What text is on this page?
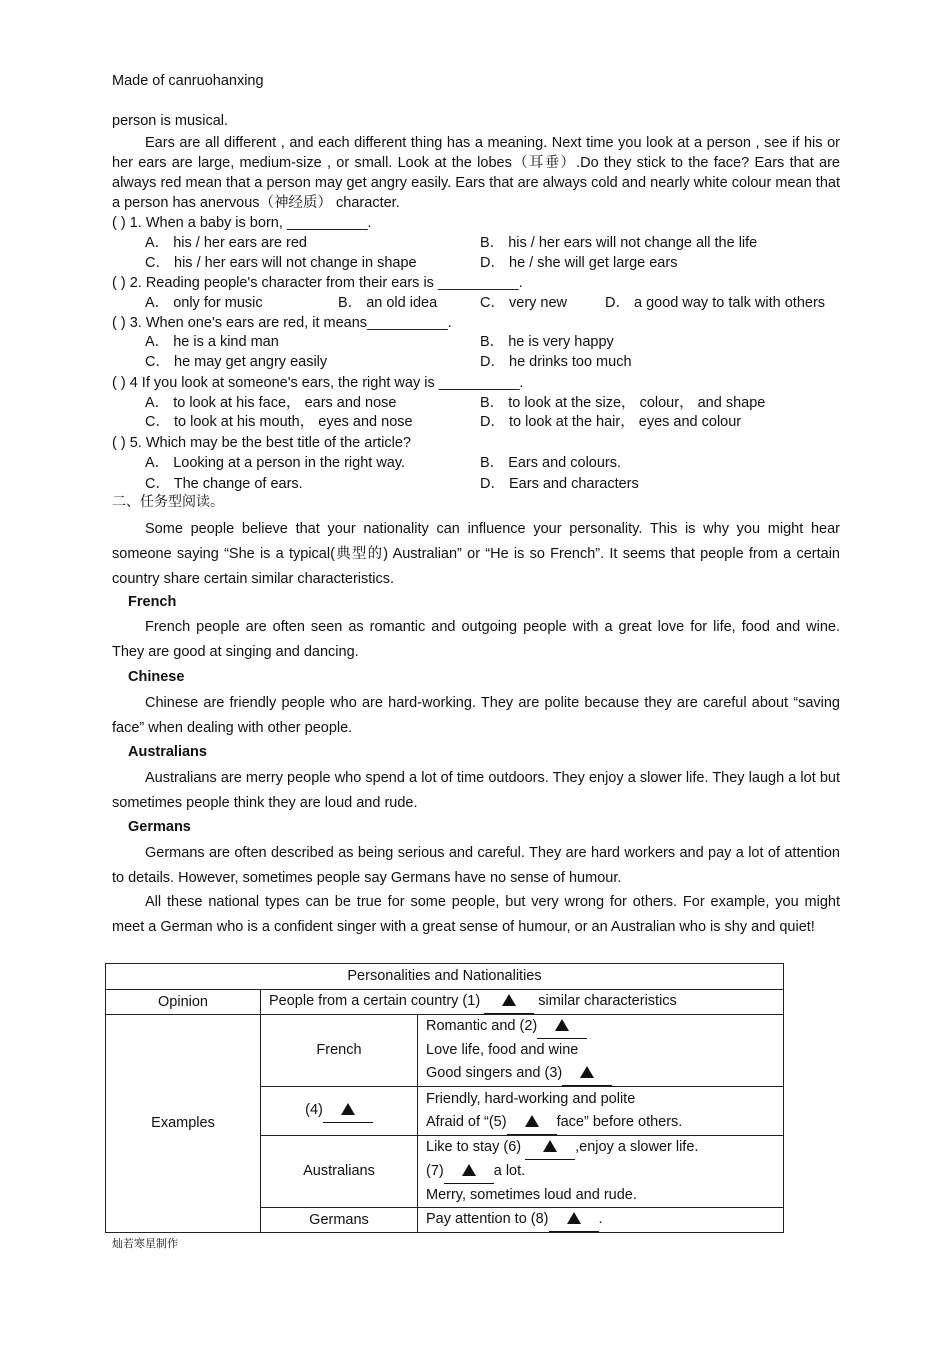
Made of canruohanxing
person is musical.
Ears are all different , and each different thing has a meaning. Next time you look at a person , see if his or her ears are large, medium-size , or small. Look at the lobes（耳垂）.Do they stick to the face? Ears that are always red mean that a person may get angry easily. Ears that are always cold and nearly white colour mean that a person has anervous（神经质） character.
( ) 1. When a baby is born, __________.
A． his / her ears are red	B． his / her ears will not change all the life
C． his / her ears will not change in shape	D． he / she will get large ears
( ) 2. Reading people's character from their ears is __________.
A． only for music	B． an old idea	C． very new	D． a good way to talk with others
( ) 3. When one's ears are red, it means__________.
A． he is a kind man	B． he is very happy
C． he may get angry easily	D． he drinks too much
( ) 4 If you look at someone's ears, the right way is __________.
A． to look at his face， ears and nose	B． to look at the size， colour， and shape
C． to look at his mouth， eyes and nose	D． to look at the hair， eyes and colour
( ) 5. Which may be the best title of the article?
A． Looking at a person in the right way.	B． Ears and colours.
C． The change of ears.	D． Ears and characters
二、任务型阅读。
Some people believe that your nationality can influence your personality. This is why you might hear someone saying “She is a typical(典型的) Australian” or “He is so French”. It seems that people from a certain country share certain similar characteristics.
French
French people are often seen as romantic and outgoing people with a great love for life, food and wine. They are good at singing and dancing.
Chinese
Chinese are friendly people who are hard-working. They are polite because they are careful about “saving face” when dealing with other people.
Australians
Australians are merry people who spend a lot of time outdoors. They enjoy a slower life. They laugh a lot but sometimes people think they are loud and rude.
Germans
Germans are often described as being serious and careful. They are hard workers and pay a lot of attention to details. However, sometimes people say Germans have no sense of humour.
All these national types can be true for some people, but very wrong for others. For example, you might meet a German who is a confident singer with a great sense of humour, or an Australian who is shy and quiet!
Personalities and Nationalities		
Opinion	People from a certain country (1) similar characteristics	
Examples	French	Romantic and (2)
Love life, food and wine
Good singers and (3)

	(4)	Friendly, hard-working and polite
Afraid of “(5) face” before others.

	Australians	Like to stay (6) ,enjoy a slower life.
(7) a lot.
Merry, sometimes loud and rude.

	Germans	Pay attention to (8) .
灿若寒星制作
